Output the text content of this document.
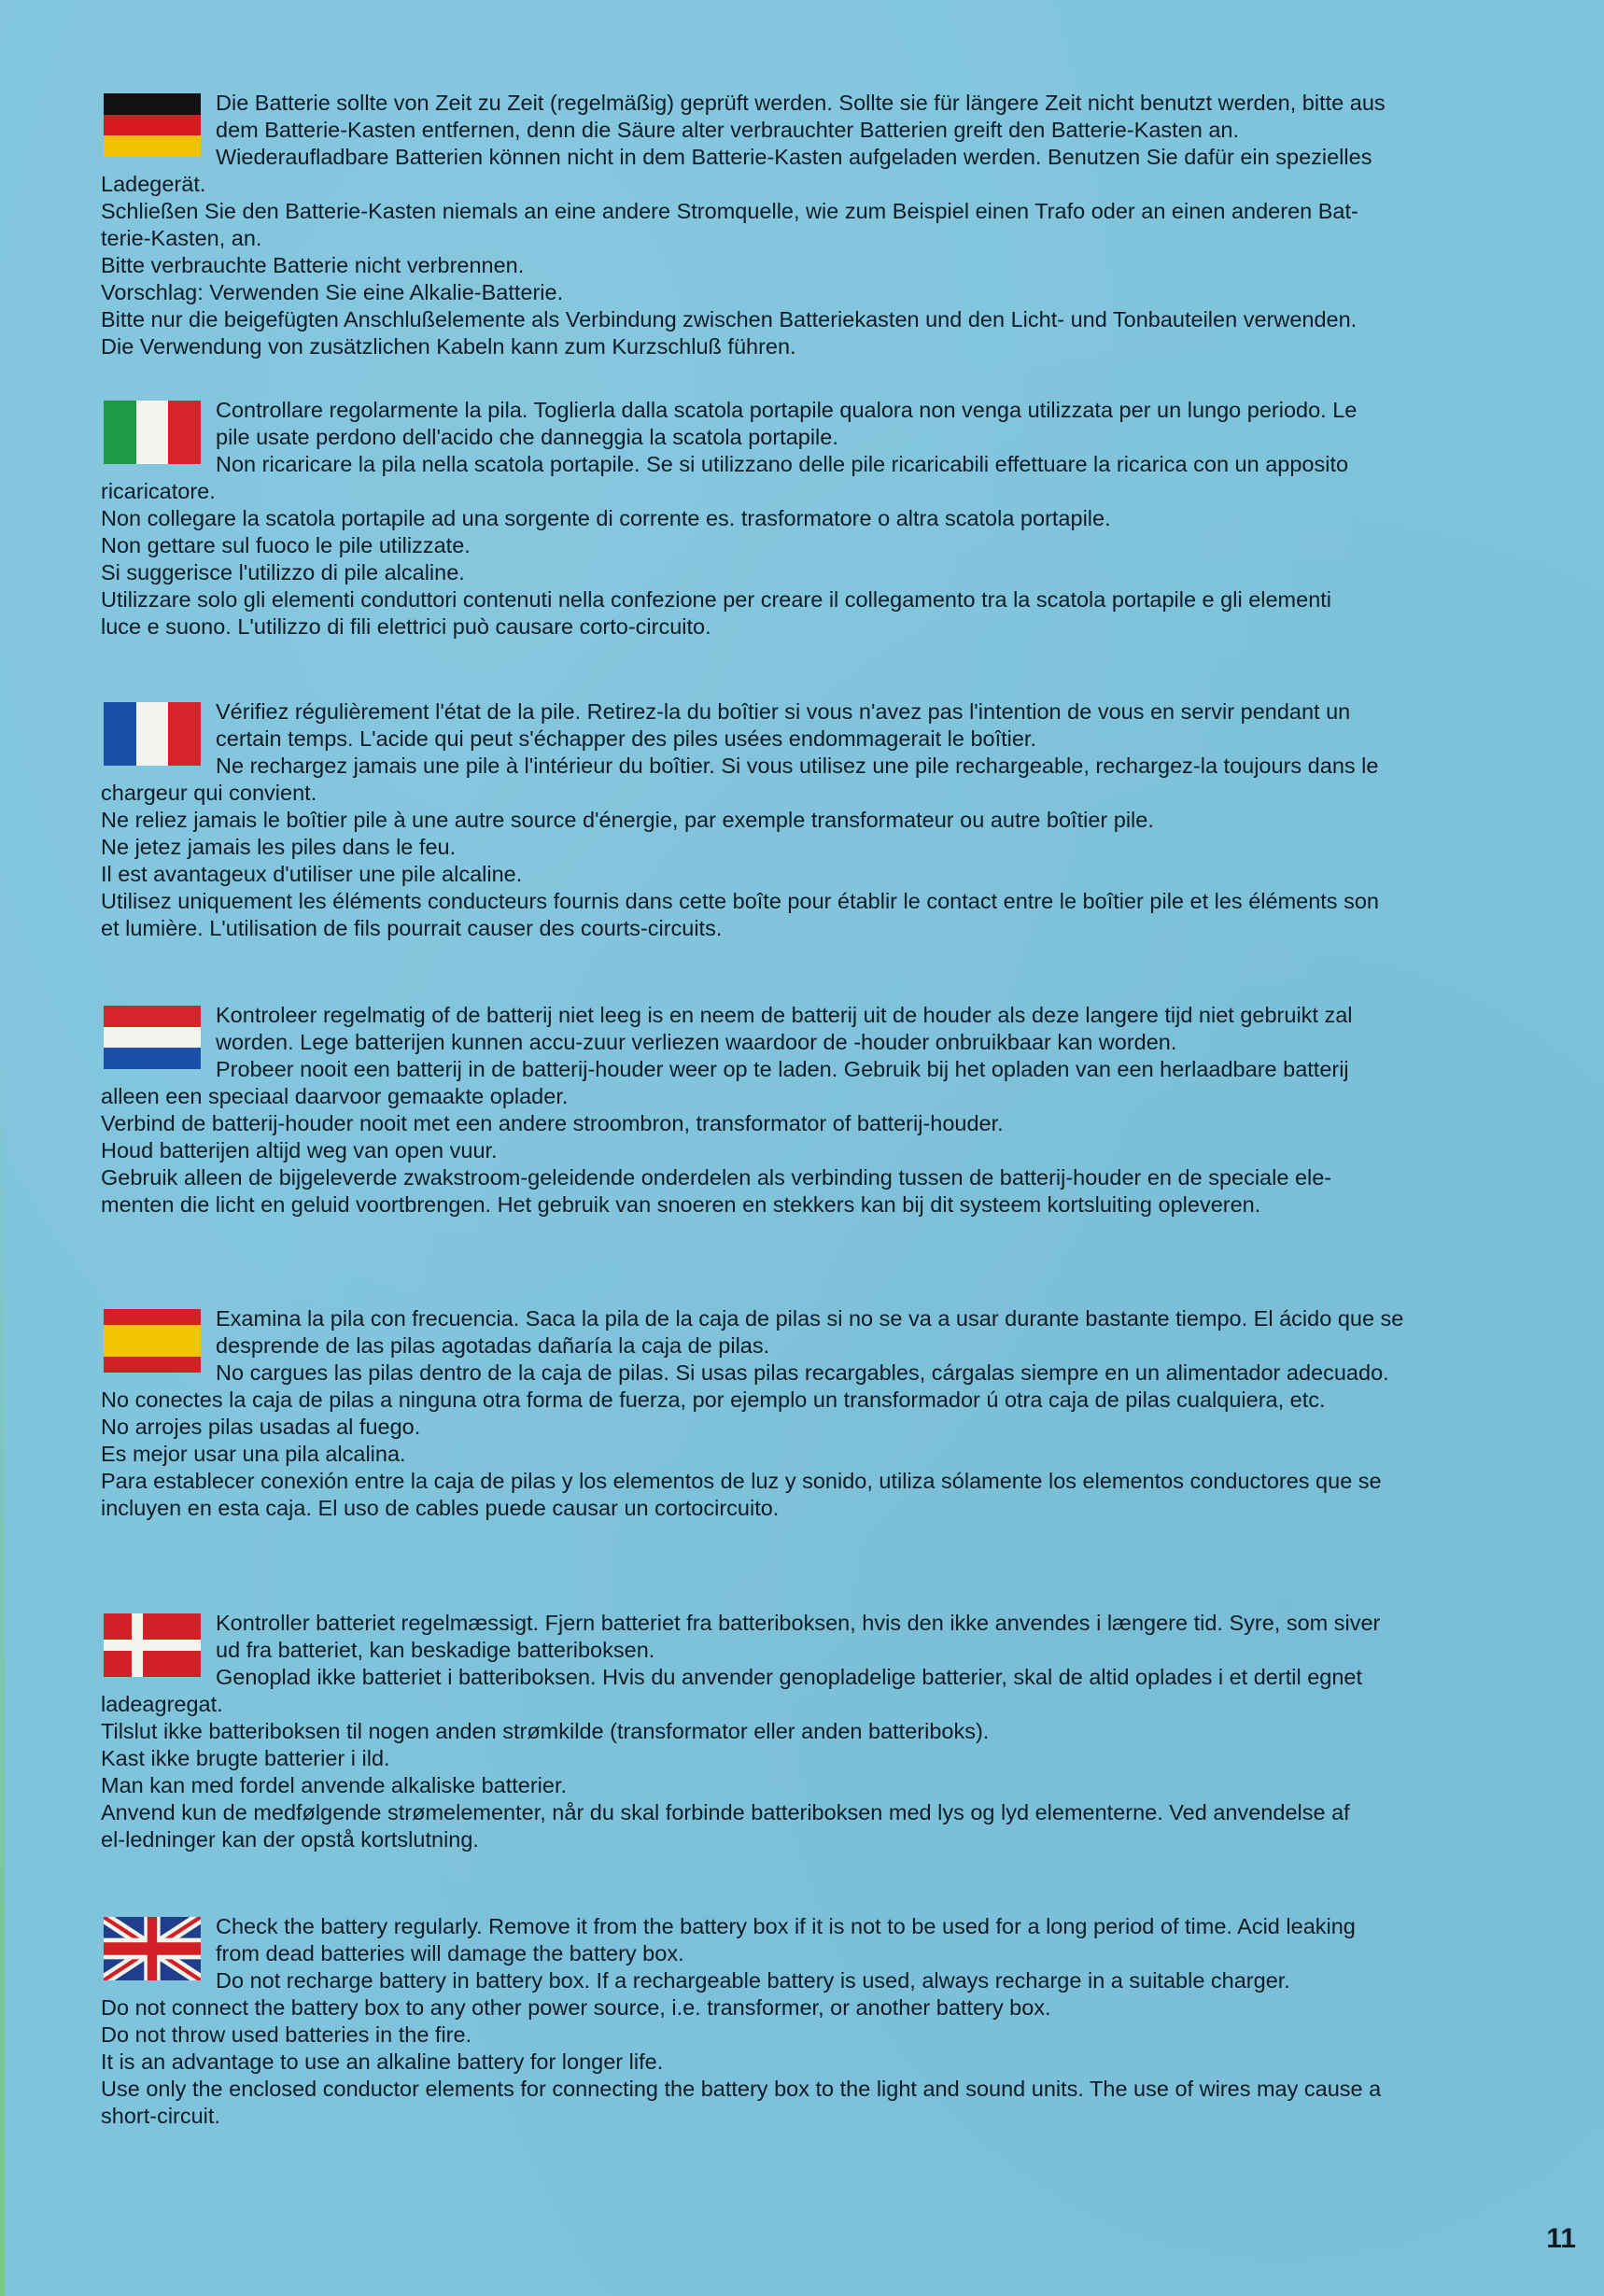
Die Batterie sollte von Zeit zu Zeit (regelmäßig) geprüft werden. Sollte sie für längere Zeit nicht benutzt werden, bitte aus
dem Batterie-Kasten entfernen, denn die Säure alter verbrauchter Batterien greift den Batterie-Kasten an.
Wiederaufladbare Batterien können nicht in dem Batterie-Kasten aufgeladen werden. Benutzen Sie dafür ein spezielles
Ladegerät.
Schließen Sie den Batterie-Kasten niemals an eine andere Stromquelle, wie zum Beispiel einen Trafo oder an einen anderen Bat-
terie-Kasten, an.
Bitte verbrauchte Batterie nicht verbrennen.
Vorschlag: Verwenden Sie eine Alkalie-Batterie.
Bitte nur die beigefügten Anschlußelemente als Verbindung zwischen Batteriekasten und den Licht- und Tonbauteilen verwenden.
Die Verwendung von zusätzlichen Kabeln kann zum Kurzschluß führen.
Controllare regolarmente la pila. Toglierla dalla scatola portapile qualora non venga utilizzata per un lungo periodo. Le
pile usate perdono dell'acido che danneggia la scatola portapile.
Non ricaricare la pila nella scatola portapile. Se si utilizzano delle pile ricaricabili effettuare la ricarica con un apposito
ricaricatore.
Non collegare la scatola portapile ad una sorgente di corrente es. trasformatore o altra scatola portapile.
Non gettare sul fuoco le pile utilizzate.
Si suggerisce l'utilizzo di pile alcaline.
Utilizzare solo gli elementi conduttori contenuti nella confezione per creare il collegamento tra la scatola portapile e gli elementi
luce e suono. L'utilizzo di fili elettrici può causare corto-circuito.
Vérifiez régulièrement l'état de la pile. Retirez-la du boîtier si vous n'avez pas l'intention de vous en servir pendant un
certain temps. L'acide qui peut s'échapper des piles usées endommagerait le boîtier.
Ne rechargez jamais une pile à l'intérieur du boîtier. Si vous utilisez une pile rechargeable, rechargez-la toujours dans le
chargeur qui convient.
Ne reliez jamais le boîtier pile à une autre source d'énergie, par exemple transformateur ou autre boîtier pile.
Ne jetez jamais les piles dans le feu.
Il est avantageux d'utiliser une pile alcaline.
Utilisez uniquement les éléments conducteurs fournis dans cette boîte pour établir le contact entre le boîtier pile et les éléments son
et lumière. L'utilisation de fils pourrait causer des courts-circuits.
Kontroleer regelmatig of de batterij niet leeg is en neem de batterij uit de houder als deze langere tijd niet gebruikt zal
worden. Lege batterijen kunnen accu-zuur verliezen waardoor de -houder onbruikbaar kan worden.
Probeer nooit een batterij in de batterij-houder weer op te laden. Gebruik bij het opladen van een herlaadbare batterij
alleen een speciaal daarvoor gemaakte oplader.
Verbind de batterij-houder nooit met een andere stroombron, transformator of batterij-houder.
Houd batterijen altijd weg van open vuur.
Gebruik alleen de bijgeleverde zwakstroom-geleidende onderdelen als verbinding tussen de batterij-houder en de speciale ele-
menten die licht en geluid voortbrengen. Het gebruik van snoeren en stekkers kan bij dit systeem kortsluiting opleveren.
Examina la pila con frecuencia. Saca la pila de la caja de pilas si no se va a usar durante bastante tiempo. El ácido que se
desprende de las pilas agotadas dañaría la caja de pilas.
No cargues las pilas dentro de la caja de pilas. Si usas pilas recargables, cárgalas siempre en un alimentador adecuado.
No conectes la caja de pilas a ninguna otra forma de fuerza, por ejemplo un transformador ú otra caja de pilas cualquiera, etc.
No arrojes pilas usadas al fuego.
Es mejor usar una pila alcalina.
Para establecer conexión entre la caja de pilas y los elementos de luz y sonido, utiliza sólamente los elementos conductores que se
incluyen en esta caja. El uso de cables puede causar un cortocircuito.
Kontroller batteriet regelmæssigt. Fjern batteriet fra batteriboksen, hvis den ikke anvendes i længere tid. Syre, som siver
ud fra batteriet, kan beskadige batteriboksen.
Genoplad ikke batteriet i batteriboksen. Hvis du anvender genopladelige batterier, skal de altid oplades i et dertil egnet
ladeagregat.
Tilslut ikke batteriboksen til nogen anden strømkilde (transformator eller anden batteriboks).
Kast ikke brugte batterier i ild.
Man kan med fordel anvende alkaliske batterier.
Anvend kun de medfølgende strømelementer, når du skal forbinde batteriboksen med lys og lyd elementerne. Ved anvendelse af
el-ledninger kan der opstå kortslutning.
Check the battery regularly. Remove it from the battery box if it is not to be used for a long period of time. Acid leaking
from dead batteries will damage the battery box.
Do not recharge battery in battery box. If a rechargeable battery is used, always recharge in a suitable charger.
Do not connect the battery box to any other power source, i.e. transformer, or another battery box.
Do not throw used batteries in the fire.
It is an advantage to use an alkaline battery for longer life.
Use only the enclosed conductor elements for connecting the battery box to the light and sound units. The use of wires may cause a
short-circuit.
11
